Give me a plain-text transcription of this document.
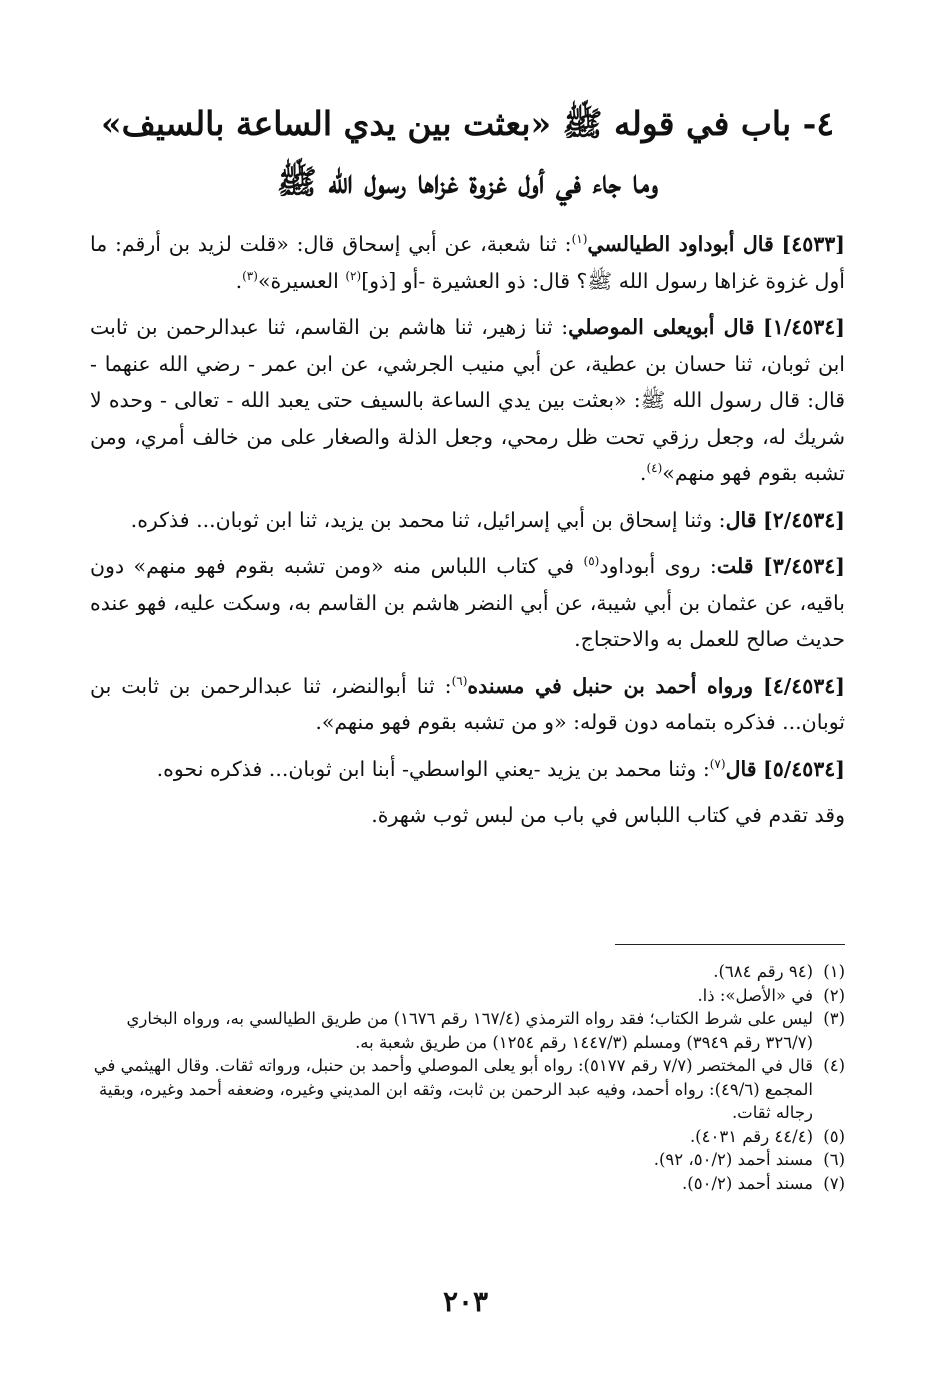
٤- باب في قوله ﷺ «بعثت بين يدي الساعة بالسيف»
وما جاء في أول غزوة غزاها رسول الله ﷺ

[٤٥٣٣] قال أبوداود الطيالسي$^{(١)}$: ثنا شعبة، عن أبي إسحاق قال: «قلت لزيد بن أرقم: ما أول غزوة غزاها رسول الله ﷺ؟ قال: ذو العشيرة -أو [ذو]$^{(٢)}$ العسيرة»$^{(٣)}$.

[١/٤٥٣٤] قال أبويعلى الموصلي: ثنا زهير، ثنا هاشم بن القاسم، ثنا عبدالرحمن بن ثابت ابن ثوبان، ثنا حسان بن عطية، عن أبي منيب الجرشي، عن ابن عمر - رضي الله عنهما - قال: قال رسول الله ﷺ: «بعثت بين يدي الساعة بالسيف حتى يعبد الله - تعالى - وحده لا شريك له، وجعل رزقي تحت ظل رمحي، وجعل الذلة والصغار على من خالف أمري، ومن تشبه بقوم فهو منهم»$^{(٤)}$.

[٢/٤٥٣٤] قال: وثنا إسحاق بن أبي إسرائيل، ثنا محمد بن يزيد، ثنا ابن ثوبان... فذكره.

[٣/٤٥٣٤] قلت: روى أبوداود$^{(٥)}$ في كتاب اللباس منه «ومن تشبه بقوم فهو منهم» دون باقيه، عن عثمان بن أبي شيبة، عن أبي النضر هاشم بن القاسم به، وسكت عليه، فهو عنده حديث صالح للعمل به والاحتجاج.

[٤/٤٥٣٤] ورواه أحمد بن حنبل في مسنده$^{(٦)}$: ثنا أبوالنضر، ثنا عبدالرحمن بن ثابت بن ثوبان... فذكره بتمامه دون قوله: «و من تشبه بقوم فهو منهم».

[٥/٤٥٣٤] قال$^{(٧)}$: وثنا محمد بن يزيد -يعني الواسطي- أبنا ابن ثوبان... فذكره نحوه.

وقد تقدم في كتاب اللباس في باب من لبس ثوب شهرة.

(١)(٩٤ رقم ٦٨٤).

(٢)في «الأصل»: ذا.

(٣)ليس على شرط الكتاب؛ فقد رواه الترمذي (١٦٧/٤ رقم ١٦٧٦) من طريق الطيالسي به، ورواه البخاري (٣٢٦/٧ رقم ٣٩٤٩) ومسلم (١٤٤٧/٣ رقم ١٢٥٤) من طريق شعبة به.

(٤)قال في المختصر (٧/٧ رقم ٥١٧٧): رواه أبو يعلى الموصلي وأحمد بن حنبل، ورواته ثقات. وقال الهيثمي في المجمع (٤٩/٦): رواه أحمد، وفيه عبد الرحمن بن ثابت، وثقه ابن المديني وغيره، وضعفه أحمد وغيره، وبقية رجاله ثقات.

(٥)(٤٤/٤ رقم ٤٠٣١).

(٦)مسند أحمد (٥٠/٢، ٩٢).

(٧)مسند أحمد (٥٠/٢).

٢٠٣
